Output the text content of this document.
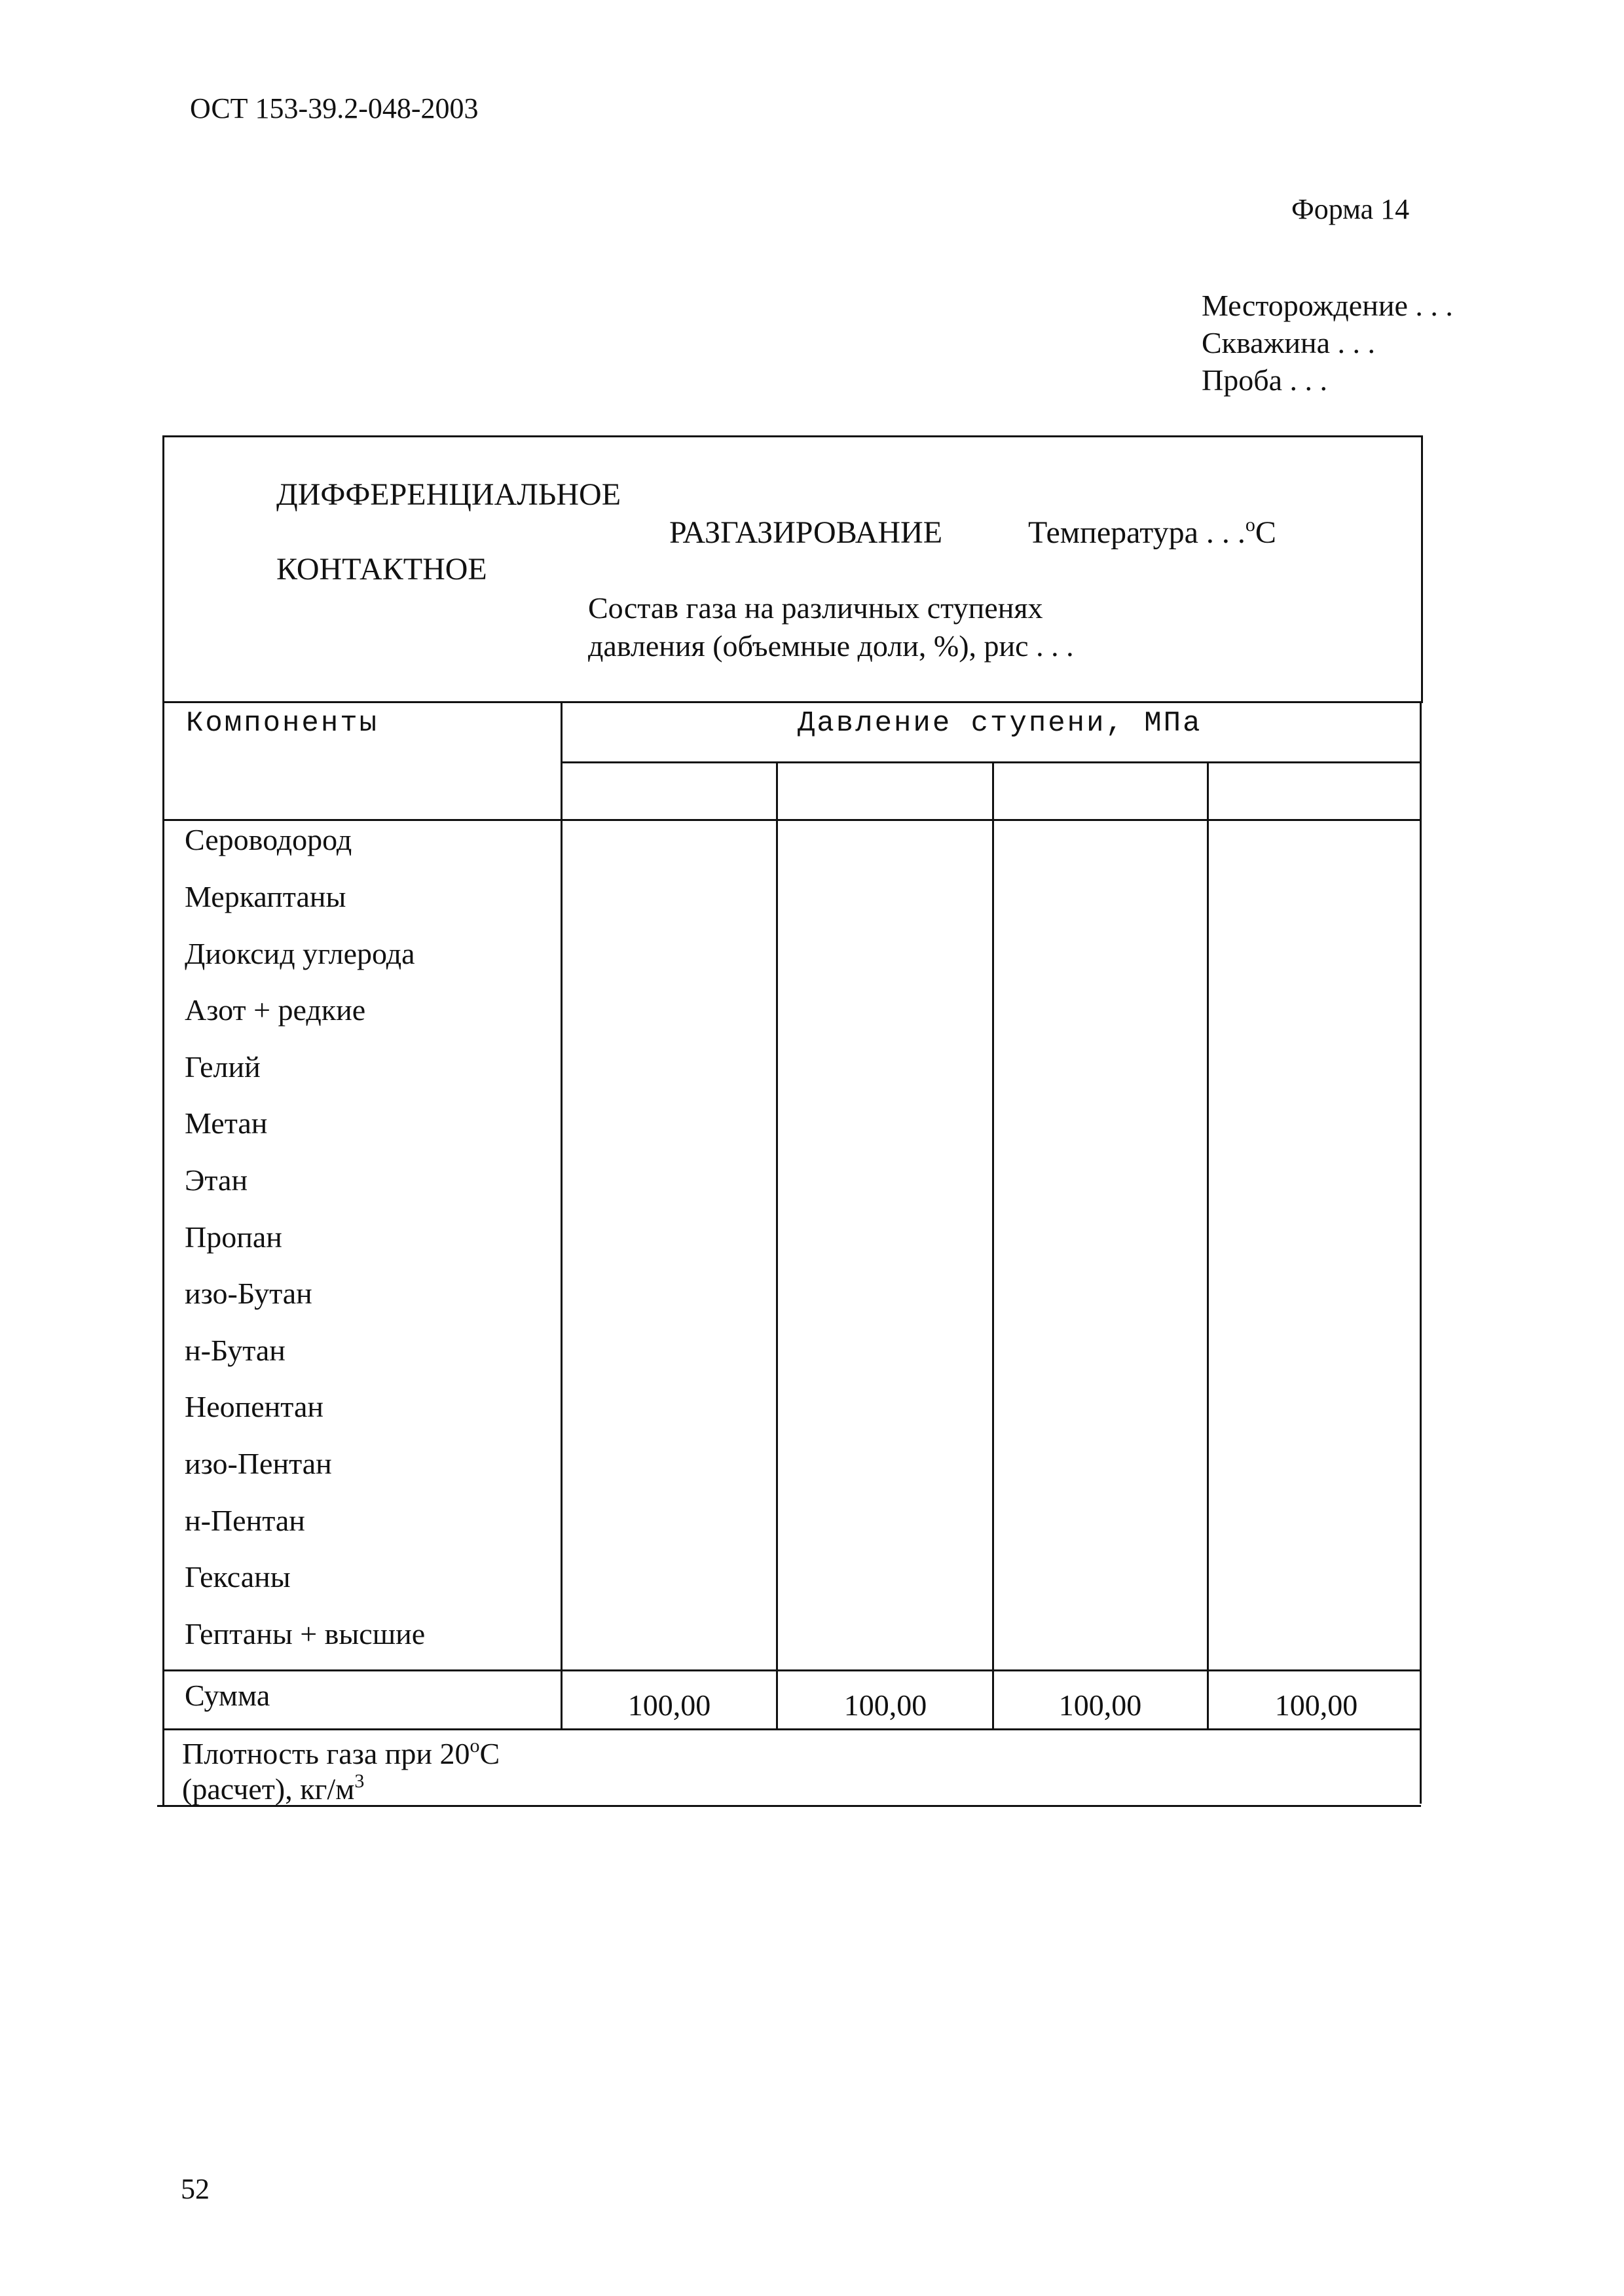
ОСТ 153-39.2-048-2003
Форма 14
Месторождение . . .
Скважина . . .
Проба . . .
ДИФФЕРЕНЦИАЛЬНОЕ
РАЗГАЗИРОВАНИЕ	Температура . . .$^o$C
КОНТАКТНОЕ
Состав газа на различных ступенях
давления (объемные доли, %), рис . . .
Компоненты	Давление ступени, МПа
Сероводород
Меркаптаны
Диоксид углерода
Азот + редкие
Гелий
Метан
Этан
Пропан
изо-Бутан
н-Бутан
Неопентан
изо-Пентан
н-Пентан
Гексаны
Гептаны + высшие
Сумма	100,00	100,00	100,00	100,00
Плотность газа при 20$^o$C
(расчет), $кг/м^3$
52
